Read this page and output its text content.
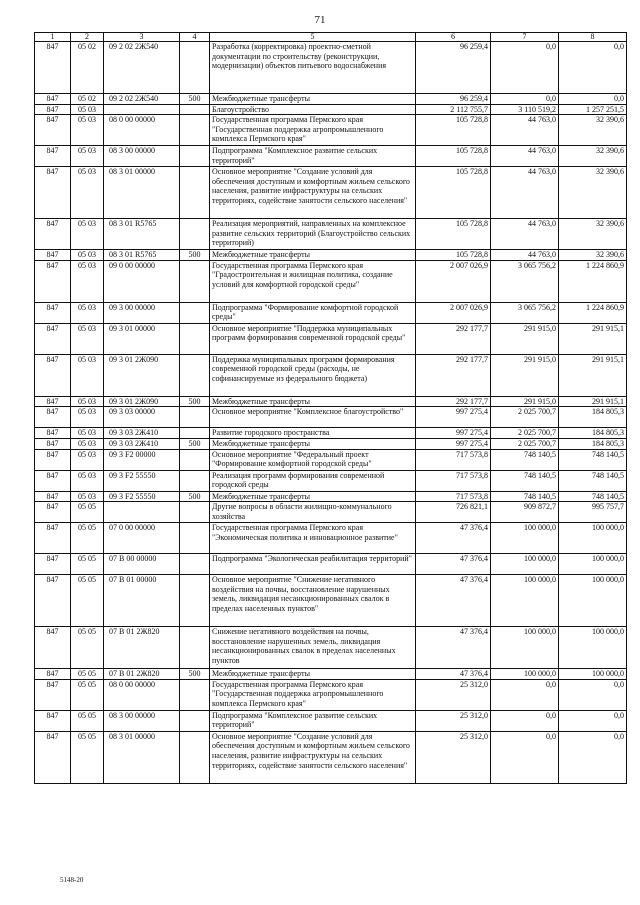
71
1	2	3	4	5	6	7	8
847	05 02	09 2 02 2Ж540		Разработка (корректировка) проектно-сметной документации по строительству (реконструкции, модернизации) объектов питьевого водоснабжения	96 259,4	0,0	0,0
847	05 02	09 2 02 2Ж540	500	Межбюджетные трансферты	96 259,4	0,0	0,0
847	05 03			Благоустройство	2 112 755,7	3 110 519,2	1 257 251,5
847	05 03	08 0 00 00000		Государственная программа Пермского края "Государственная поддержка агропромышленного комплекса Пермского края"	105 728,8	44 763,0	32 390,6
847	05 03	08 3 00 00000		Подпрограмма "Комплексное развитие сельских территорий"	105 728,8	44 763,0	32 390,6
847	05 03	08 3 01 00000		Основное мероприятие "Создание условий для обеспечения доступным и комфортным жильем сельского населения, развитие инфраструктуры на сельских территориях, содействие занятости сельского населения"	105 728,8	44 763,0	32 390,6
847	05 03	08 3 01 R5765		Реализация мероприятий, направленных на комплексное развитие сельских территорий (Благоустройство сельских территорий)	105 728,8	44 763,0	32 390,6
847	05 03	08 3 01 R5765	500	Межбюджетные трансферты	105 728,8	44 763,0	32 390,6
847	05 03	09 0 00 00000		Государственная программа Пермского края "Градостроительная и жилищная политика, создание условий для комфортной городской среды"	2 007 026,9	3 065 756,2	1 224 860,9
847	05 03	09 3 00 00000		Подпрограмма "Формирование комфортной городской среды"	2 007 026,9	3 065 756,2	1 224 860,9
847	05 03	09 3 01 00000		Основное мероприятие "Поддержка муниципальных программ формирования современной городской среды"	292 177,7	291 915,0	291 915,1
847	05 03	09 3 01 2Ж090		Поддержка муниципальных программ формирования современной городской среды (расходы, не софинансируемые из федерального бюджета)	292 177,7	291 915,0	291 915,1
847	05 03	09 3 01 2Ж090	500	Межбюджетные трансферты	292 177,7	291 915,0	291 915,1
847	05 03	09 3 03 00000		Основное мероприятие "Комплексное благоустройство"	997 275,4	2 025 700,7	184 805,3
847	05 03	09 3 03 2Ж410		Развитие городского пространства	997 275,4	2 025 700,7	184 805,3
847	05 03	09 3 03 2Ж410	500	Межбюджетные трансферты	997 275,4	2 025 700,7	184 805,3
847	05 03	09 3 F2 00000		Основное мероприятие "Федеральный проект "Формирование комфортной городской среды"	717 573,8	748 140,5	748 140,5
847	05 03	09 3 F2 55550		Реализация программ формирования современной городской среды	717 573,8	748 140,5	748 140,5
847	05 03	09 3 F2 55550	500	Межбюджетные трансферты	717 573,8	748 140,5	748 140,5
847	05 05			Другие вопросы в области жилищно-коммунального хозяйства	726 821,1	909 872,7	995 757,7
847	05 05	07 0 00 00000		Государственная программа Пермского края "Экономическая политика и инновационное развитие"	47 376,4	100 000,0	100 000,0
847	05 05	07 B 00 00000		Подпрограмма "Экологическая реабилитация территорий"	47 376,4	100 000,0	100 000,0
847	05 05	07 B 01 00000		Основное мероприятие "Снижение негативного воздействия на почвы, восстановление нарушенных земель, ликвидация несанкционированных свалок в пределах населенных пунктов"	47 376,4	100 000,0	100 000,0
847	05 05	07 B 01 2Ж820		Снижение негативного воздействия на почвы, восстановление нарушенных земель, ликвидация несанкционированных свалок в пределах населенных пунктов	47 376,4	100 000,0	100 000,0
847	05 05	07 B 01 2Ж820	500	Межбюджетные трансферты	47 376,4	100 000,0	100 000,0
847	05 05	08 0 00 00000		Государственная программа Пермского края "Государственная поддержка агропромышленного комплекса Пермского края"	25 312,0	0,0	0,0
847	05 05	08 3 00 00000		Подпрограмма "Комплексное развитие сельских территорий"	25 312,0	0,0	0,0
847	05 05	08 3 01 00000		Основное мероприятие "Создание условий для обеспечения доступным и комфортным жильем сельского населения, развитие инфраструктуры на сельских территориях, содействие занятости сельского населения"	25 312,0	0,0	0,0
5148-20
